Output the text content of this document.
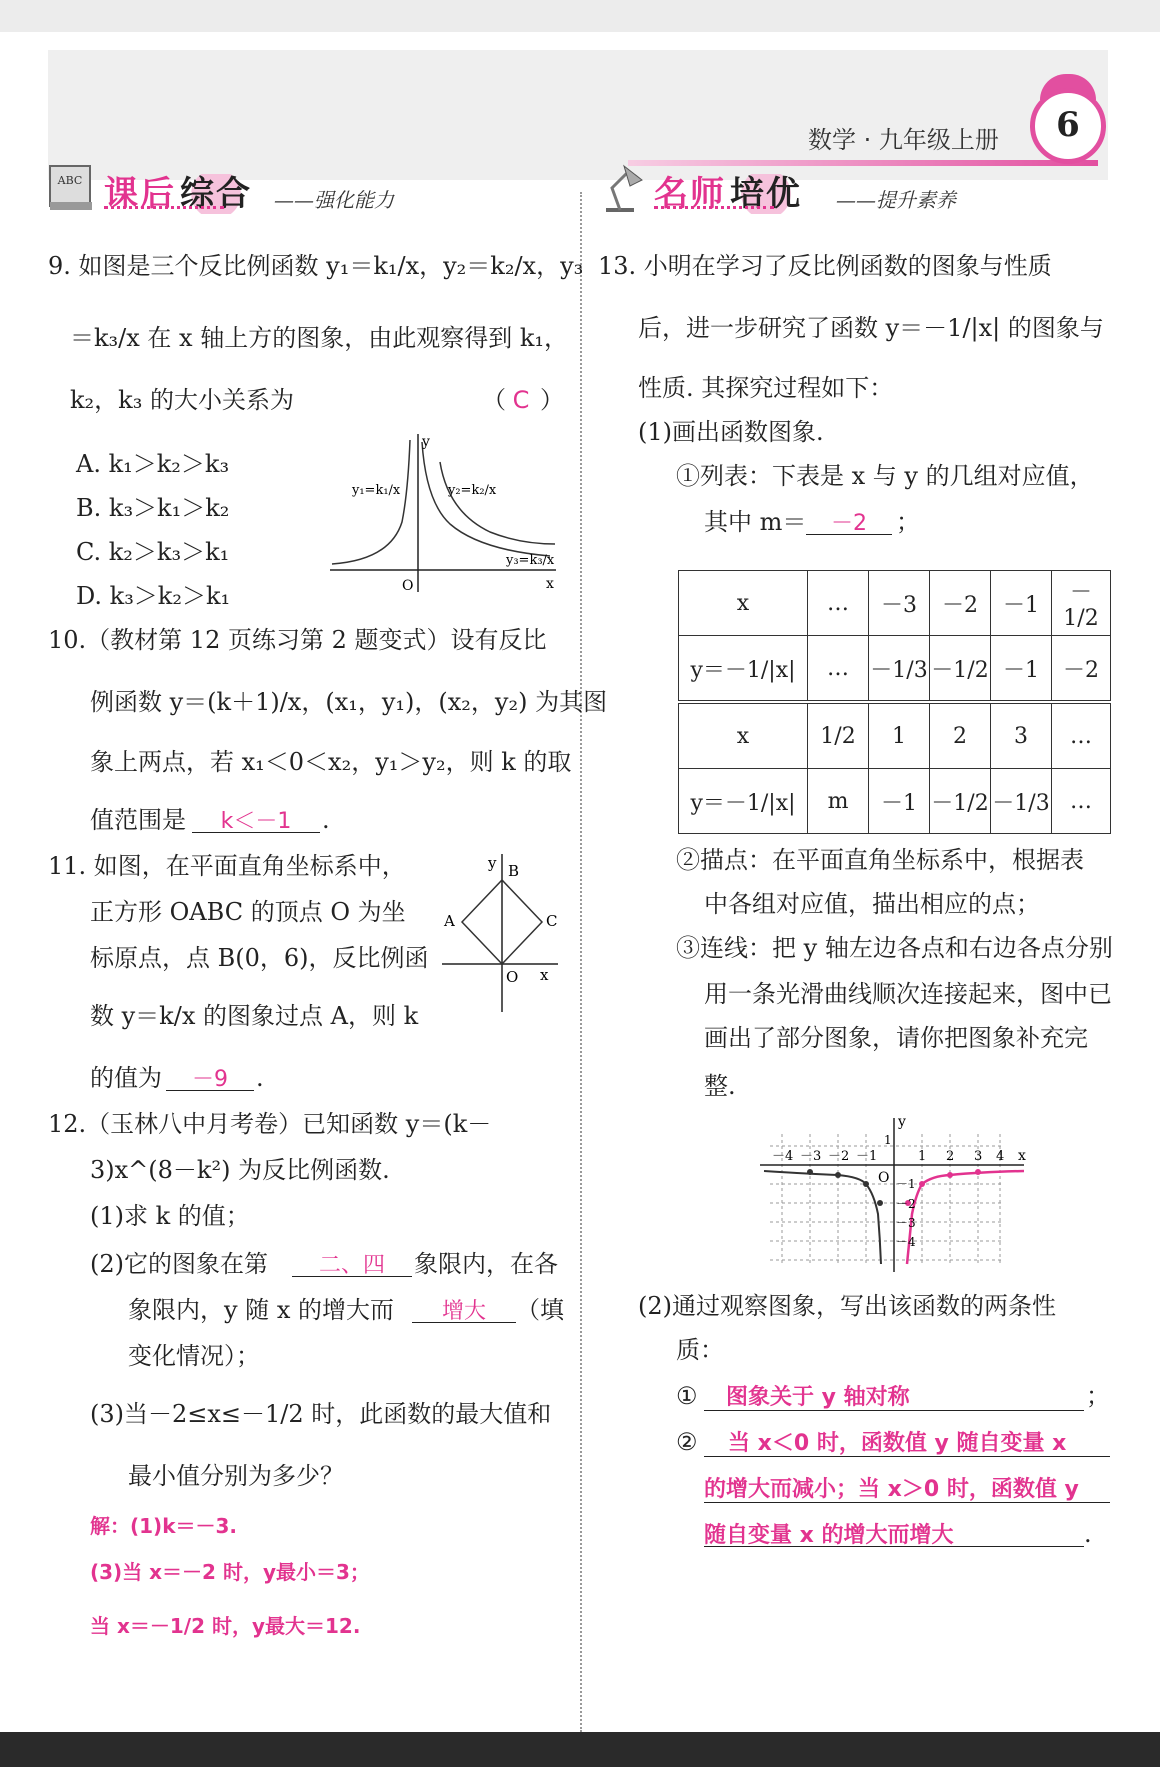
数学 · 九年级上册	6
ABC 课后 综合 ——强化能力	名师 培优 ——提升素养
9. 如图是三个反比例函数 y₁＝k₁/x，y₂＝k₂/x，y₃
＝k₃/x 在 x 轴上方的图象，由此观察得到 k₁，
k₂，k₃ 的大小关系为	（ C ）
A. k₁＞k₂＞k₃
B. k₃＞k₁＞k₂
C. k₂＞k₃＞k₁
D. k₃＞k₂＞k₁
y₁=k₁/x	y₂=k₂/x
y₃=k₃/x
y
x
O
10.（教材第 12 页练习第 2 题变式）设有反比
例函数 y＝(k＋1)/x，(x₁，y₁)，(x₂，y₂) 为其图
象上两点，若 x₁＜0＜x₂，y₁＞y₂，则 k 的取
值范围是	k＜－1	.
11. 如图，在平面直角坐标系中，
正方形 OABC 的顶点 O 为坐
标原点，点 B(0，6)，反比例函
数 y＝k/x 的图象过点 A，则 k
的值为	－9	.
y B
A	C
O x
12.（玉林八中月考卷）已知函数 y＝(k－
3)x^(8－k²) 为反比例函数.
(1)求 k 的值；
(2)它的图象在第	二、四	象限内，在各
象限内，y 随 x 的增大而	增大	（填
变化情况）；
(3)当－2≤x≤－1/2 时，此函数的最大值和
最小值分别为多少？
解：(1)k＝－3.
(3)当 x＝－2 时，y最小＝3；
当 x＝－1/2 时，y最大＝12.
13. 小明在学习了反比例函数的图象与性质
后，进一步研究了函数 y＝－1/|x| 的图象与
性质. 其探究过程如下：
(1)画出函数图象.
①列表：下表是 x 与 y 的几组对应值，
其中 m＝	－2	；
x	…	－3	－2	－1	－1/2
y＝－1/|x|	…	－1/3	－1/2	－1	－2
x	1/2	1	2	3	…
y＝－1/|x|	m	－1	－1/2	－1/3	…
②描点：在平面直角坐标系中，根据表
中各组对应值，描出相应的点；
③连线：把 y 轴左边各点和右边各点分别
用一条光滑曲线顺次连接起来，图中已
画出了部分图象，请你把图象补充完
整.
y
x
O
－4 －3 －2 －1	1 2 3 4
1
－1
－2
－3
－4
(2)通过观察图象，写出该函数的两条性
质：
① 图象关于 y 轴对称	；
② 当 x＜0 时，函数值 y 随自变量 x
的增大而减小；当 x＞0 时，函数值 y
随自变量 x 的增大而增大	.
